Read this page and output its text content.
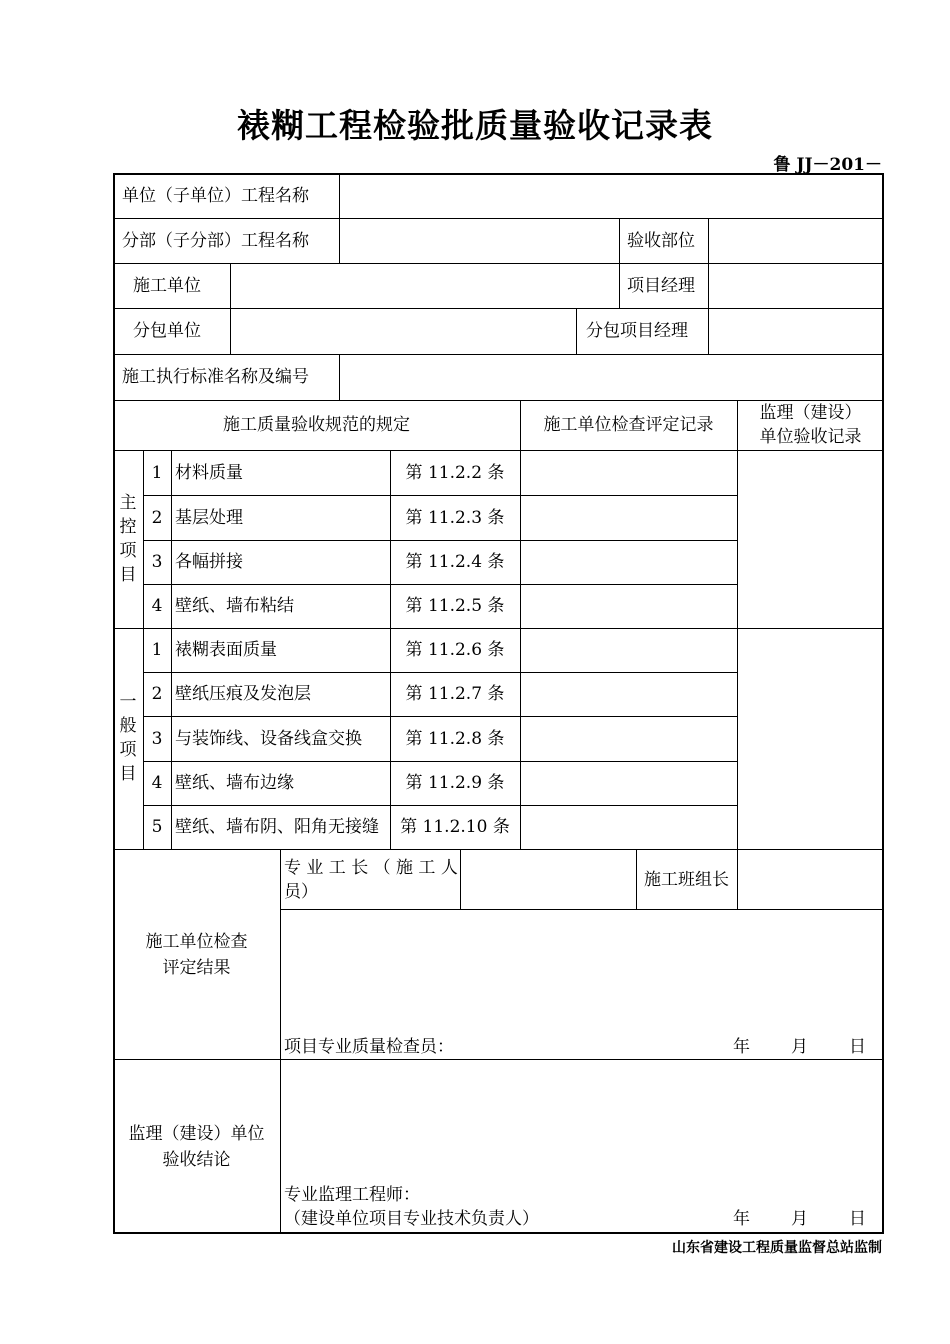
裱糊工程检验批质量验收记录表
鲁 JJ－201－
单位（子单位）工程名称
分部（子分部）工程名称	验收部位
施工单位	项目经理
分包单位	分包项目经理
施工执行标准名称及编号
施工质量验收规范的规定	施工单位检查评定记录
监理（建设）
单位验收记录
主
控
项
目
1 材料质量	第 11.2.2 条
2 基层处理	第 11.2.3 条
3 各幅拼接	第 11.2.4 条
4 壁纸、墙布粘结	第 11.2.5 条
一
般
项
目
1 裱糊表面质量	第 11.2.6 条
2 壁纸压痕及发泡层	第 11.2.7 条
3 与装饰线、设备线盒交换	第 11.2.8 条
4 壁纸、墙布边缘	第 11.2.9 条
5 壁纸、墙布阴、阳角无接缝	第 11.2.10 条
施工单位检查
评定结果
专 业 工 长 （ 施 工 人
员）
施工班组长
项目专业质量检查员：	年 月 日
监理（建设）单位
验收结论
专业监理工程师：
（建设单位项目专业技术负责人）	年 月 日
山东省建设工程质量监督总站监制
